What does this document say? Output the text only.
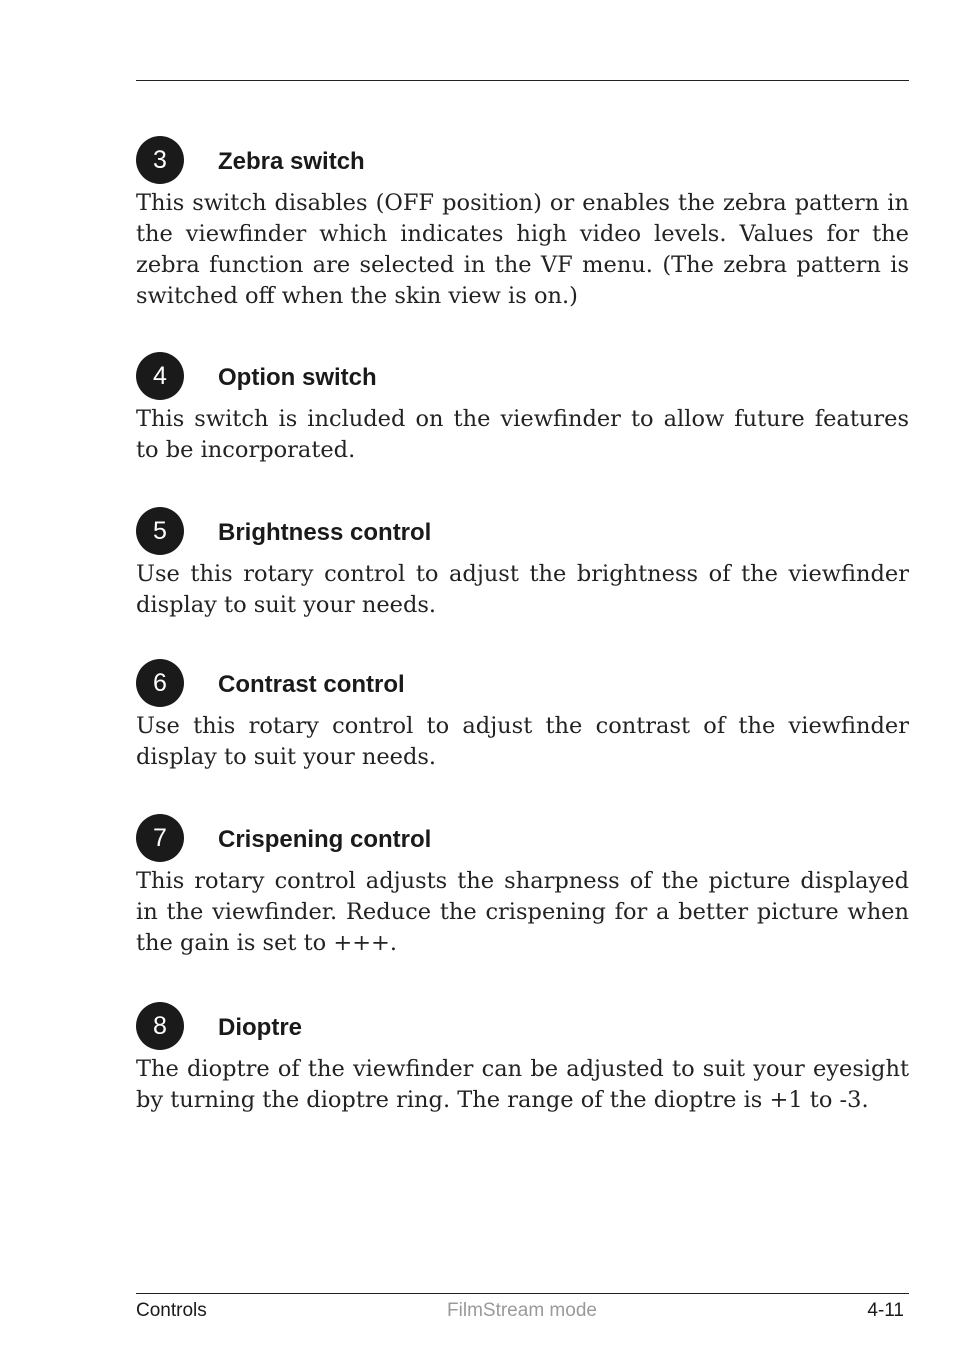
3	Zebra switch

This switch disables (OFF position) or enables the zebra pattern in the viewfinder which indicates high video levels. Values for the zebra function are selected in the VF menu. (The zebra pattern is switched off when the skin view is on.)

4	Option switch

This switch is included on the viewfinder to allow future features to be incorporated.

5	Brightness control

Use this rotary control to adjust the brightness of the viewfinder display to suit your needs.

6	Contrast control

Use this rotary control to adjust the contrast of the viewfinder display to suit your needs.

7	Crispening control

This rotary control adjusts the sharpness of the picture displayed in the viewfinder. Reduce the crispening for a better picture when the gain is set to +++.

8	Dioptre

The dioptre of the viewfinder can be adjusted to suit your eyesight by turning the dioptre ring. The range of the dioptre is +1 to -3.

Controls	FilmStream mode	4-11
